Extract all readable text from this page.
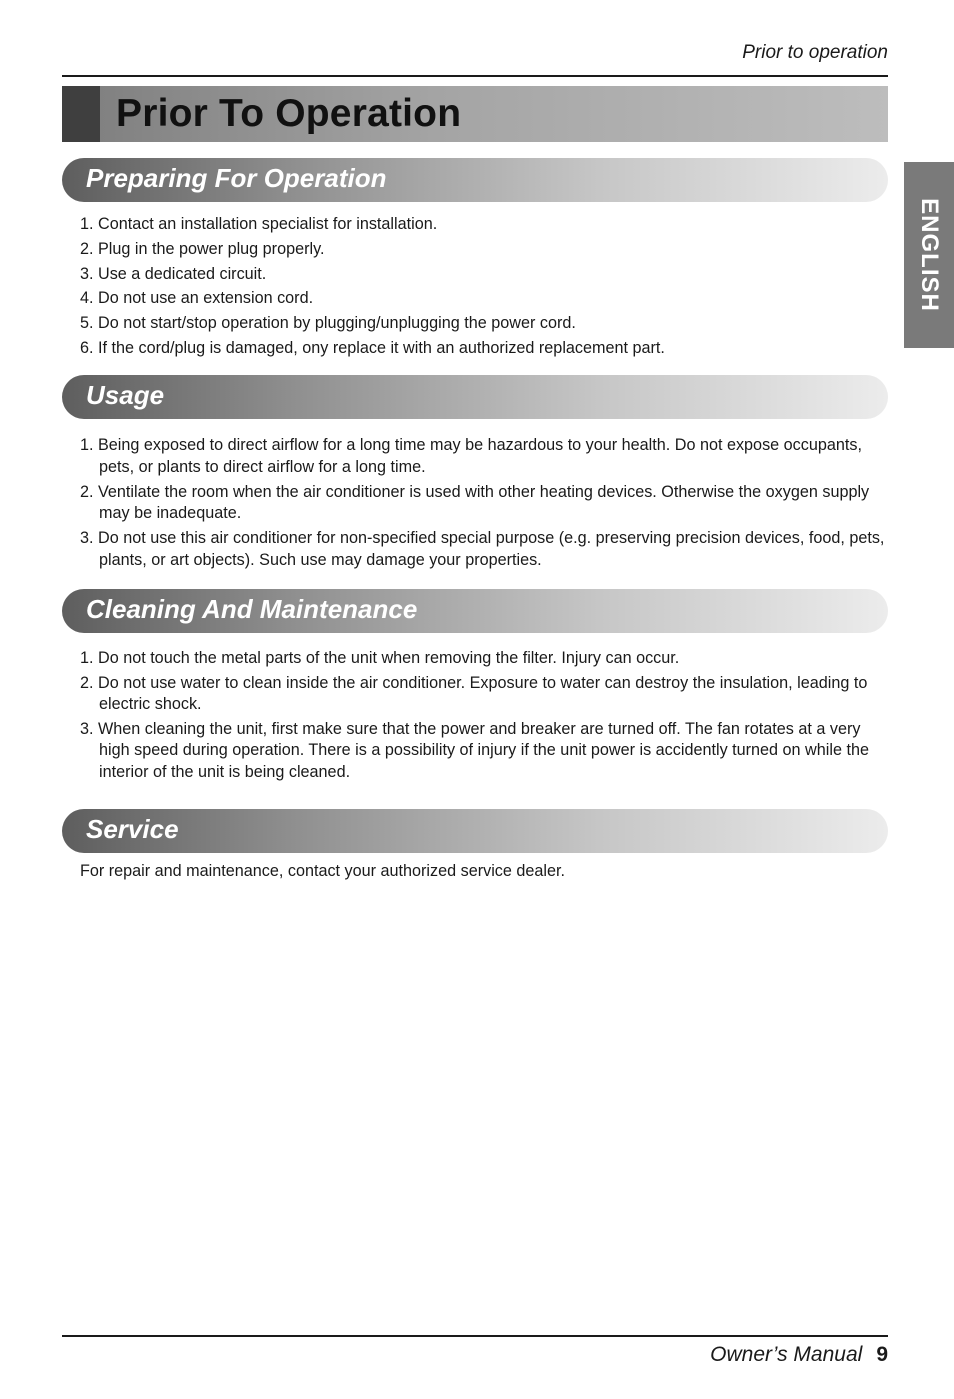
Prior to operation
Prior To Operation
ENGLISH
Preparing For Operation
1. Contact an installation specialist for installation.
2. Plug in the power plug properly.
3. Use a dedicated circuit.
4. Do not use an extension cord.
5. Do not start/stop operation by plugging/unplugging the power cord.
6. If the cord/plug is damaged, ony replace it with an authorized replacement part.
Usage
1. Being exposed to direct airflow for a long time may be hazardous to your health. Do not expose occupants, pets, or plants to direct airflow for a long time.
2. Ventilate the room when the air conditioner is used with other heating devices. Otherwise the oxygen supply may be inadequate.
3. Do not use this air conditioner for non-specified special purpose (e.g. preserving precision devices, food, pets, plants, or art objects). Such use may damage your properties.
Cleaning And Maintenance
1. Do not touch the metal parts of the unit when removing the filter. Injury can occur.
2. Do not use water to clean inside the air conditioner. Exposure to water can destroy the insulation, leading to electric shock.
3. When cleaning the unit, first make sure that the power and breaker are turned off. The fan rotates at a very high speed during operation. There is a possibility of injury if the unit power is accidently turned on while the interior of the unit is being cleaned.
Service

For repair and maintenance, contact your authorized service dealer.

Owner’s Manual 9
